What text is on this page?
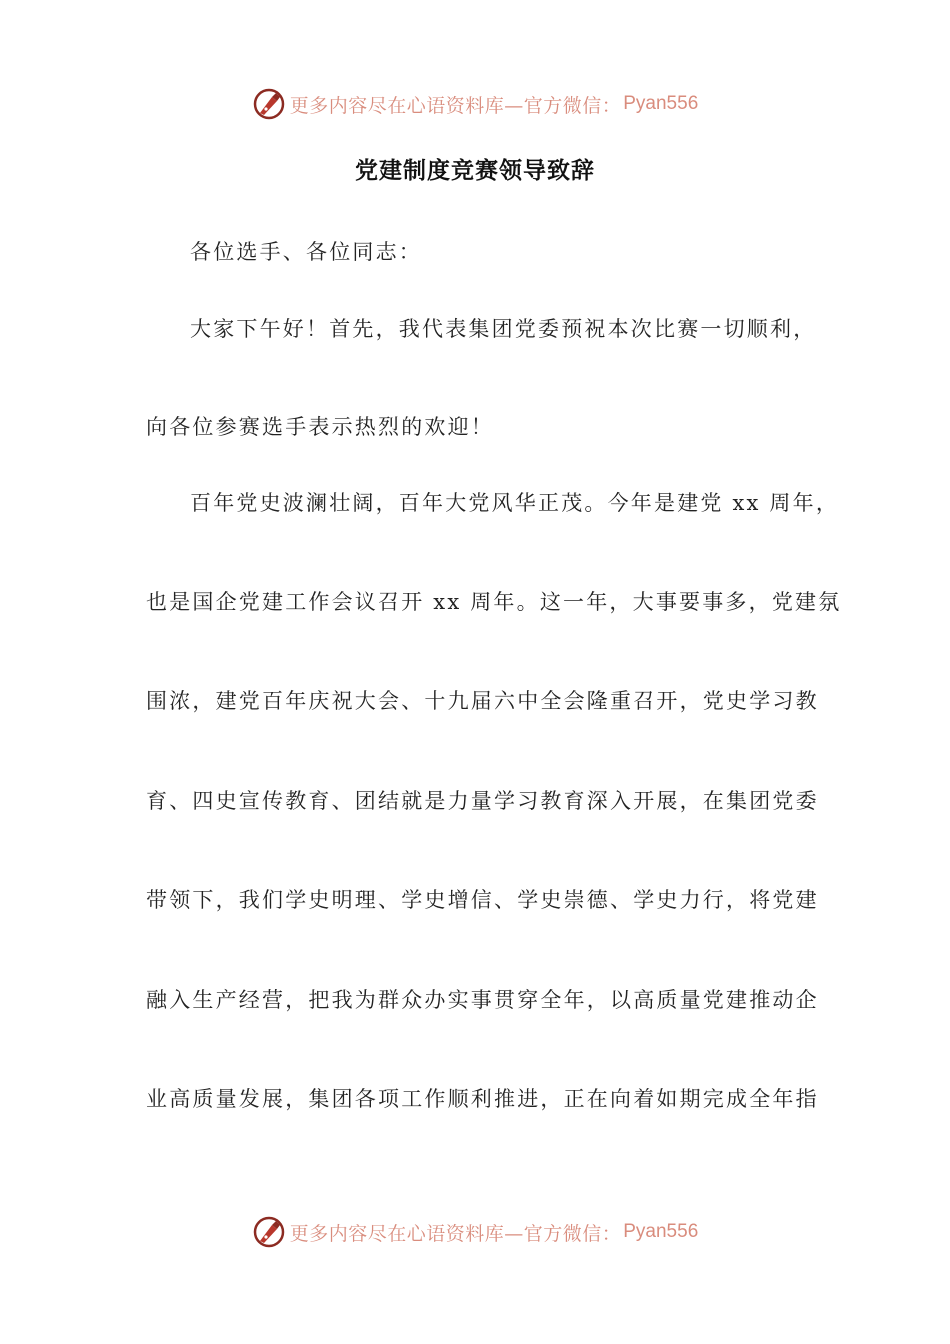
更多内容尽在心语资料库—官方微信： Pyan556
党建制度竞赛领导致辞
各位选手、各位同志：
大家下午好！首先，我代表集团党委预祝本次比赛一切顺利，
向各位参赛选手表示热烈的欢迎！
百年党史波澜壮阔，百年大党风华正茂。今年是建党 xx 周年，
也是国企党建工作会议召开 xx 周年。这一年，大事要事多，党建氛
围浓，建党百年庆祝大会、十九届六中全会隆重召开，党史学习教
育、四史宣传教育、团结就是力量学习教育深入开展，在集团党委
带领下，我们学史明理、学史增信、学史崇德、学史力行，将党建
融入生产经营，把我为群众办实事贯穿全年，以高质量党建推动企
业高质量发展，集团各项工作顺利推进，正在向着如期完成全年指
更多内容尽在心语资料库—官方微信： Pyan556
